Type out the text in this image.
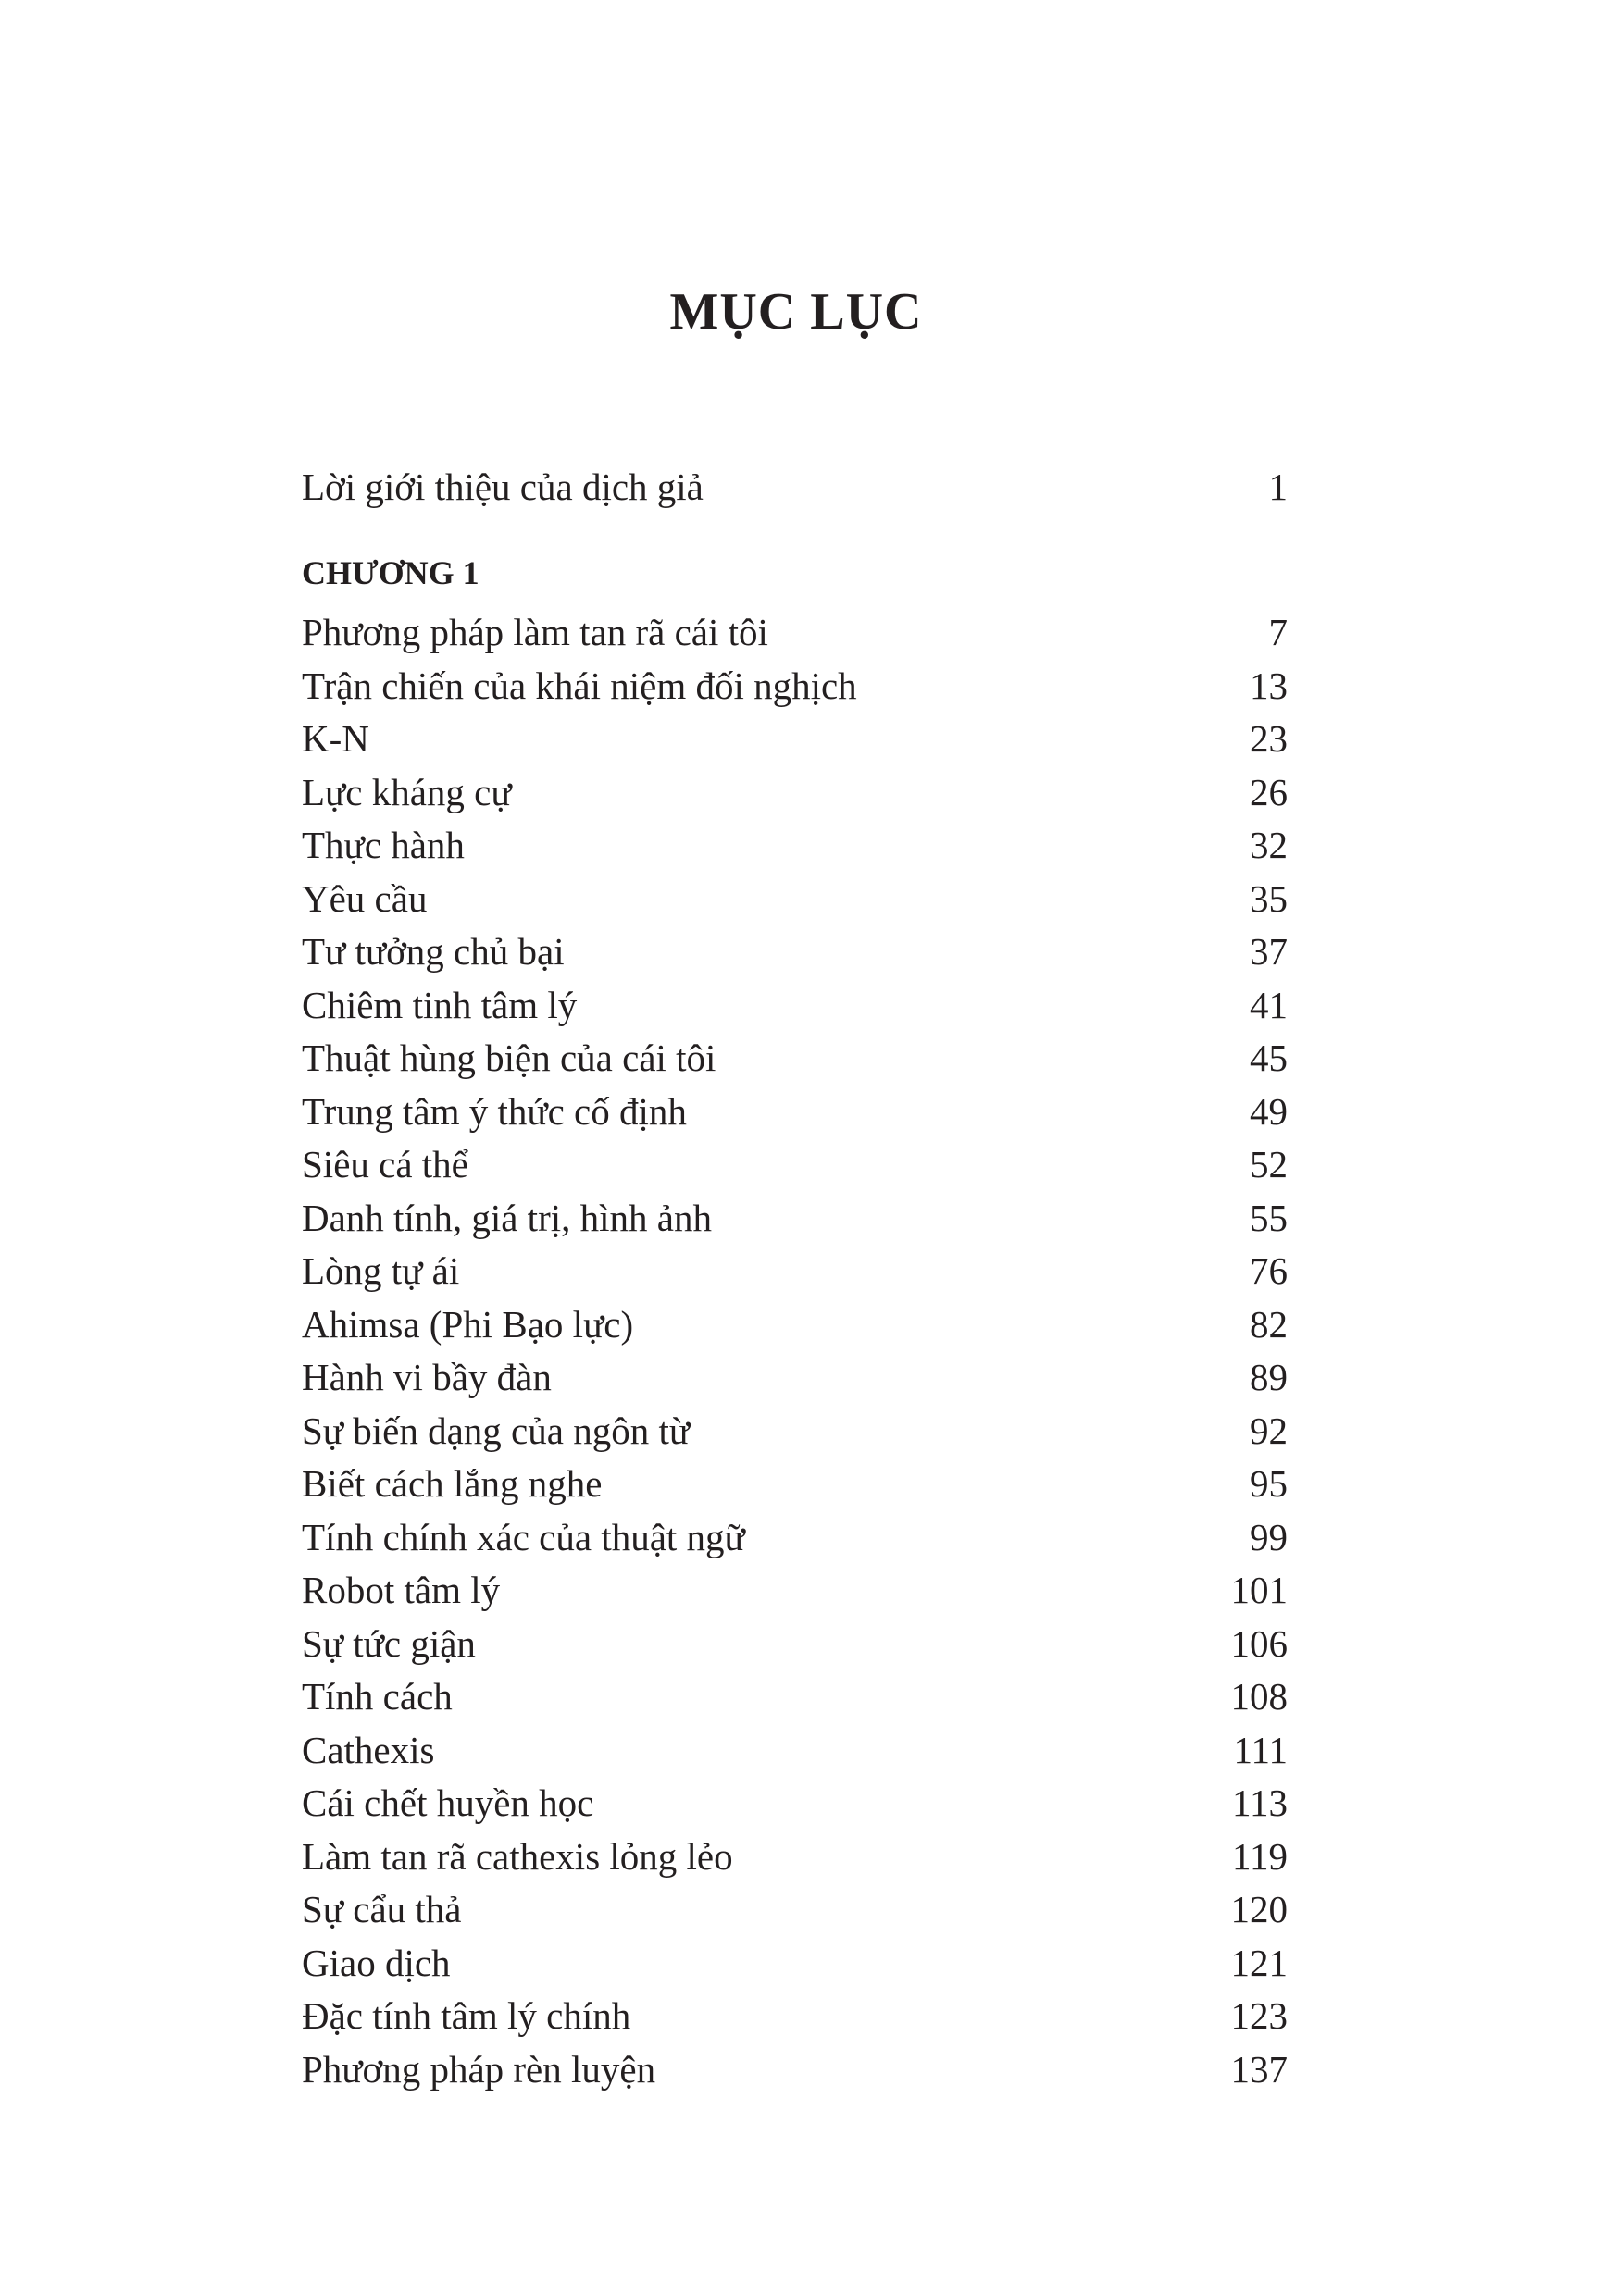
MỤC LỤC
Lời giới thiệu của dịch giả	1
CHƯƠNG 1
Phương pháp làm tan rã cái tôi	7
Trận chiến của khái niệm đối nghịch	13
K-N	23
Lực kháng cự	26
Thực hành	32
Yêu cầu	35
Tư tưởng chủ bại	37
Chiêm tinh tâm lý	41
Thuật hùng biện của cái tôi	45
Trung tâm ý thức cố định	49
Siêu cá thể	52
Danh tính, giá trị, hình ảnh	55
Lòng tự ái	76
Ahimsa (Phi Bạo lực)	82
Hành vi bầy đàn	89
Sự biến dạng của ngôn từ	92
Biết cách lắng nghe	95
Tính chính xác của thuật ngữ	99
Robot tâm lý	101
Sự tức giận	106
Tính cách	108
Cathexis	111
Cái chết huyền học	113
Làm tan rã cathexis lỏng lẻo	119
Sự cẩu thả	120
Giao dịch	121
Đặc tính tâm lý chính	123
Phương pháp rèn luyện	137
